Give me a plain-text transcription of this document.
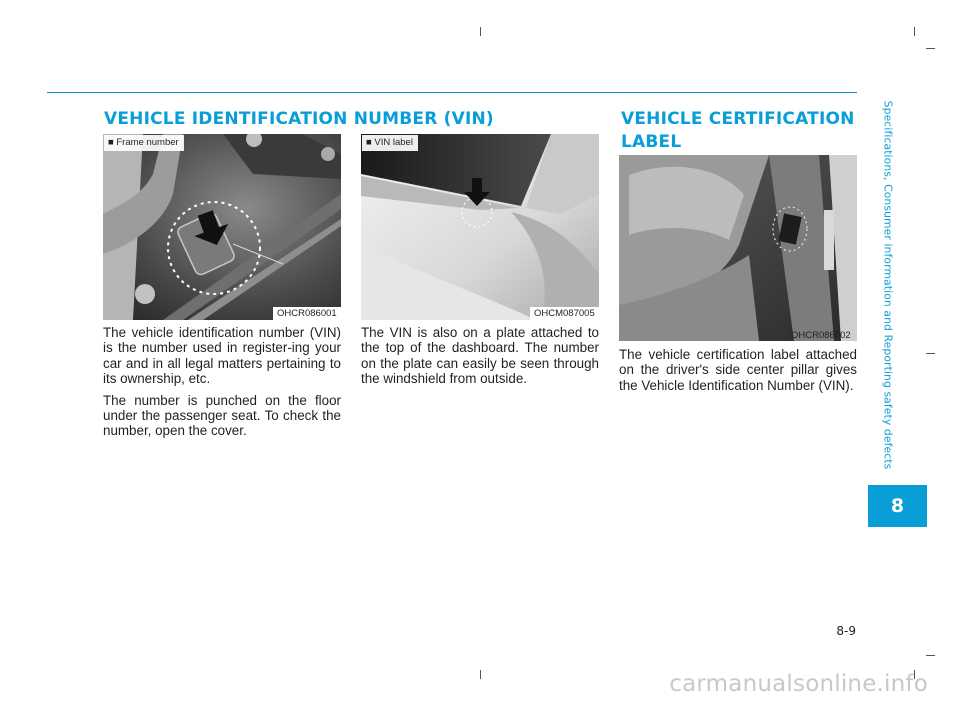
VEHICLE IDENTIFICATION NUMBER (VIN)	VEHICLE CERTIFICATION
LABEL
■ Frame number
OHCR086001
■ VIN label
OHCM087005
OHCR086002

The vehicle identification number (VIN) is the number used in register-ing your car and in all legal matters pertaining to its ownership, etc.

The number is punched on the floor under the passenger seat. To check the number, open the cover.

The VIN is also on a plate attached to the top of the dashboard. The number on the plate can easily be seen through the windshield from outside.

The vehicle certification label attached on the driver's side center pillar gives the Vehicle Identification Number (VIN).	Specifications, Consumer information and Reporting safety defects
8
8-9
carmanualsonline.info
